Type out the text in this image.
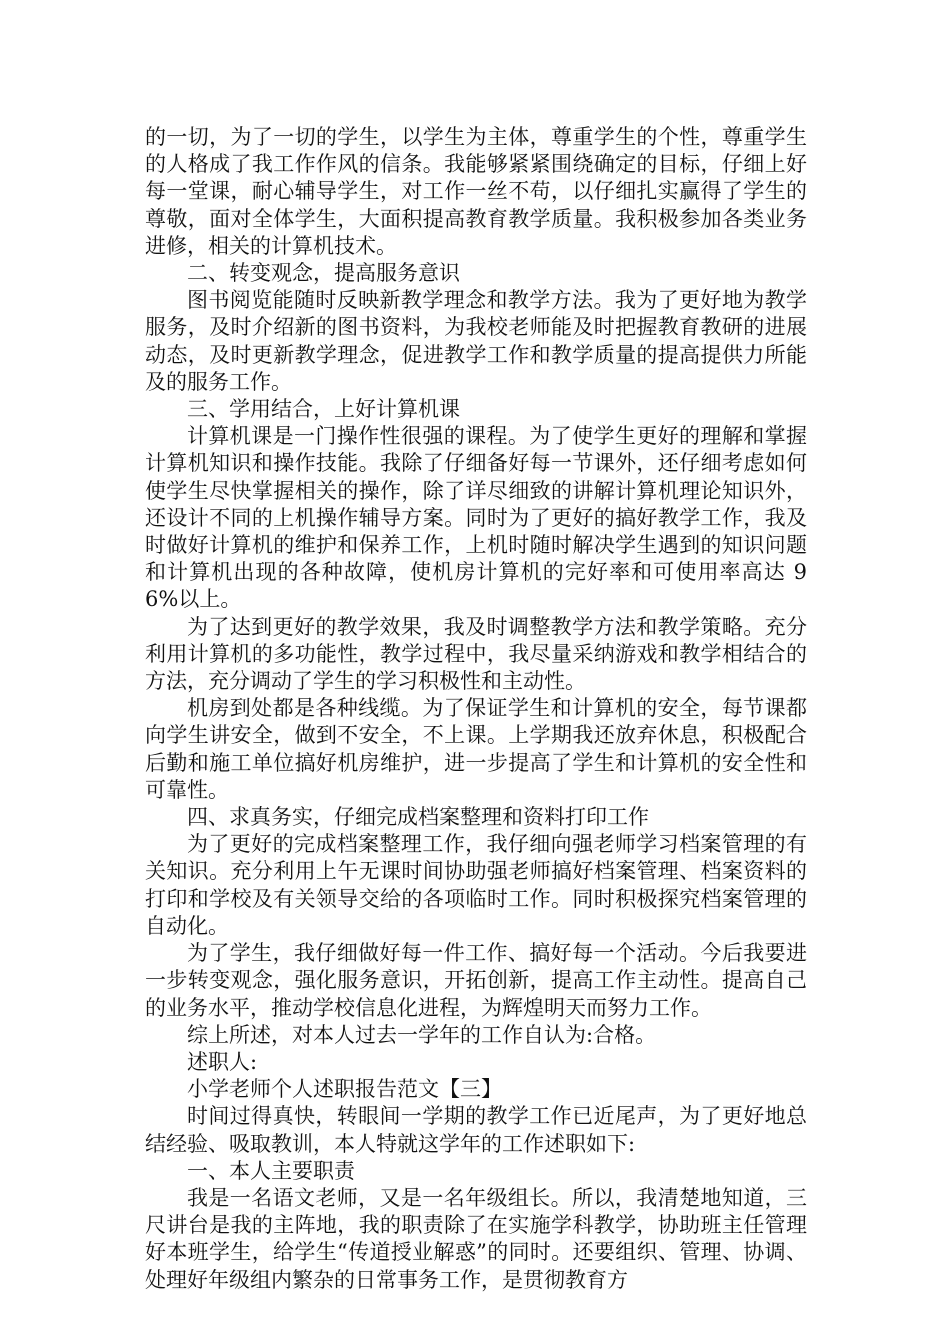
的一切，为了一切的学生，以学生为主体，尊重学生的个性，尊重学生的人格成了我工作作风的信条。我能够紧紧围绕确定的目标，仔细上好每一堂课，耐心辅导学生，对工作一丝不苟，以仔细扎实赢得了学生的尊敬，面对全体学生，大面积提高教育教学质量。我积极参加各类业务进修，相关的计算机技术。

二、转变观念，提高服务意识

图书阅览能随时反映新教学理念和教学方法。我为了更好地为教学服务，及时介绍新的图书资料，为我校老师能及时把握教育教研的进展动态，及时更新教学理念，促进教学工作和教学质量的提高提供力所能及的服务工作。

三、学用结合，上好计算机课

计算机课是一门操作性很强的课程。为了使学生更好的理解和掌握计算机知识和操作技能。我除了仔细备好每一节课外，还仔细考虑如何使学生尽快掌握相关的操作，除了详尽细致的讲解计算机理论知识外，还设计不同的上机操作辅导方案。同时为了更好的搞好教学工作，我及时做好计算机的维护和保养工作，上机时随时解决学生遇到的知识问题和计算机出现的各种故障，使机房计算机的完好率和可使用率高达 96%以上。

为了达到更好的教学效果，我及时调整教学方法和教学策略。充分利用计算机的多功能性，教学过程中，我尽量采纳游戏和教学相结合的方法，充分调动了学生的学习积极性和主动性。

机房到处都是各种线缆。为了保证学生和计算机的安全，每节课都向学生讲安全，做到不安全，不上课。上学期我还放弃休息，积极配合后勤和施工单位搞好机房维护，进一步提高了学生和计算机的安全性和可靠性。

四、求真务实，仔细完成档案整理和资料打印工作

为了更好的完成档案整理工作，我仔细向强老师学习档案管理的有关知识。充分利用上午无课时间协助强老师搞好档案管理、档案资料的打印和学校及有关领导交给的各项临时工作。同时积极探究档案管理的自动化。

为了学生，我仔细做好每一件工作、搞好每一个活动。今后我要进一步转变观念，强化服务意识，开拓创新，提高工作主动性。提高自己的业务水平，推动学校信息化进程，为辉煌明天而努力工作。

综上所述，对本人过去一学年的工作自认为:合格。

述职人:

小学老师个人述职报告范文【三】

时间过得真快，转眼间一学期的教学工作已近尾声，为了更好地总结经验、吸取教训，本人特就这学年的工作述职如下:

一、本人主要职责

我是一名语文老师，又是一名年级组长。所以，我清楚地知道，三尺讲台是我的主阵地，我的职责除了在实施学科教学，协助班主任管理好本班学生，给学生“传道授业解惑”的同时。还要组织、管理、协调、处理好年级组内繁杂的日常事务工作，是贯彻教育方
